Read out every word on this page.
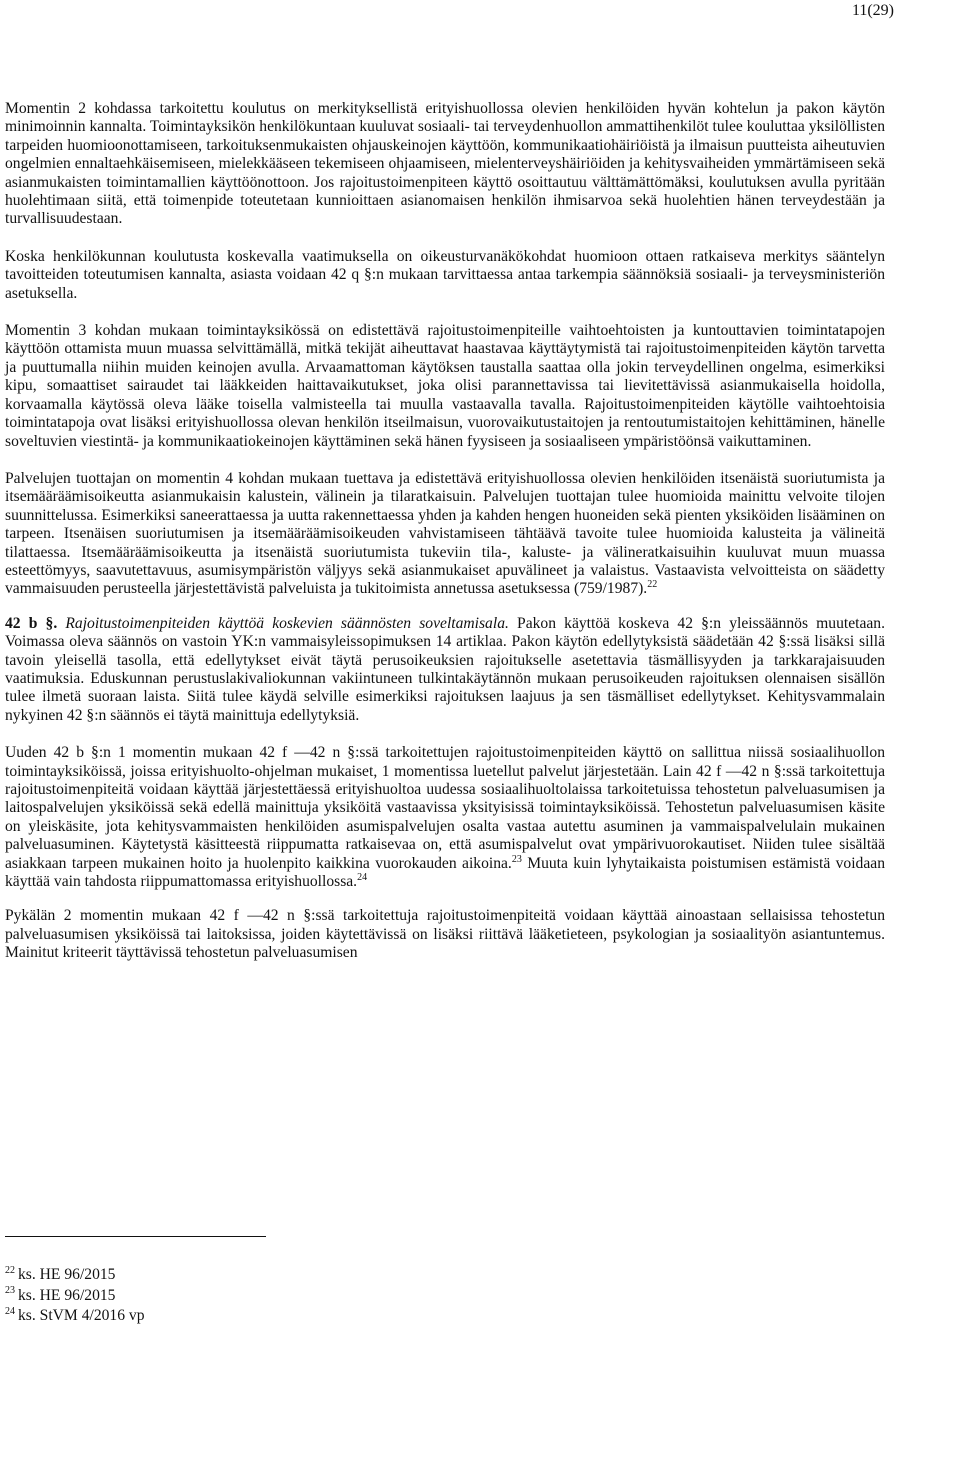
11(29)

Momentin 2 kohdassa tarkoitettu koulutus on merkityksellistä erityishuollossa olevien henkilöiden hyvän kohtelun ja pakon käytön minimoinnin kannalta. Toimintayksikön henkilökuntaan kuuluvat sosiaali- tai terveydenhuollon ammattihenkilöt tulee kouluttaa yksilöllisten tarpeiden huomioonottamiseen, tarkoituksenmukaisten ohjauskeinojen käyttöön, kommunikaatiohäiriöistä ja ilmaisun puutteista aiheutuvien ongelmien ennaltaehkäisemiseen, mielekkääseen tekemiseen ohjaamiseen, mielenterveyshäiriöiden ja kehitysvaiheiden ymmärtämiseen sekä asianmukaisten toimintamallien käyttöönottoon. Jos rajoitustoimenpiteen käyttö osoittautuu välttämättömäksi, koulutuksen avulla pyritään huolehtimaan siitä, että toimenpide toteutetaan kunnioittaen asianomaisen henkilön ihmisarvoa sekä huolehtien hänen terveydestään ja turvallisuudestaan.

Koska henkilökunnan koulutusta koskevalla vaatimuksella on oikeusturvanäkökohdat huomioon ottaen ratkaiseva merkitys sääntelyn tavoitteiden toteutumisen kannalta, asiasta voidaan 42 q §:n mukaan tarvittaessa antaa tarkempia säännöksiä sosiaali- ja terveysministeriön asetuksella.

Momentin 3 kohdan mukaan toimintayksikössä on edistettävä rajoitustoimenpiteille vaihtoehtoisten ja kuntouttavien toimintatapojen käyttöön ottamista muun muassa selvittämällä, mitkä tekijät aiheuttavat haastavaa käyttäytymistä tai rajoitustoimenpiteiden käytön tarvetta ja puuttumalla niihin muiden keinojen avulla. Arvaamattoman käytöksen taustalla saattaa olla jokin terveydellinen ongelma, esimerkiksi kipu, somaattiset sairaudet tai lääkkeiden haittavaikutukset, joka olisi parannettavissa tai lievitettävissä asianmukaisella hoidolla, korvaamalla käytössä oleva lääke toisella valmisteella tai muulla vastaavalla tavalla. Rajoitustoimenpiteiden käytölle vaihtoehtoisia toimintatapoja ovat lisäksi erityishuollossa olevan henkilön itseilmaisun, vuorovaikutustaitojen ja rentoutumistaitojen kehittäminen, hänelle soveltuvien viestintä- ja kommunikaatiokeinojen käyttäminen sekä hänen fyysiseen ja sosiaaliseen ympäristöönsä vaikuttaminen.

Palvelujen tuottajan on momentin 4 kohdan mukaan tuettava ja edistettävä erityishuollossa olevien henkilöiden itsenäistä suoriutumista ja itsemääräämisoikeutta asianmukaisin kalustein, välinein ja tilaratkaisuin. Palvelujen tuottajan tulee huomioida mainittu velvoite tilojen suunnittelussa. Esimerkiksi saneerattaessa ja uutta rakennettaessa yhden ja kahden hengen huoneiden sekä pienten yksiköiden lisääminen on tarpeen. Itsenäisen suoriutumisen ja itsemääräämisoikeuden vahvistamiseen tähtäävä tavoite tulee huomioida kalusteita ja välineitä tilattaessa. Itsemääräämisoikeutta ja itsenäistä suoriutumista tukeviin tila-, kaluste- ja välineratkaisuihin kuuluvat muun muassa esteettömyys, saavutettavuus, asumisympäristön väljyys sekä asianmukaiset apuvälineet ja valaistus. Vastaavista velvoitteista on säädetty vammaisuuden perusteella järjestettävistä palveluista ja tukitoimista annetussa asetuksessa (759/1987).$^{22}$

42 b §. Rajoitustoimenpiteiden käyttöä koskevien säännösten soveltamisala. Pakon käyttöä koskeva 42 §:n yleissäännös muutetaan. Voimassa oleva säännös on vastoin YK:n vammaisyleissopimuksen 14 artiklaa. Pakon käytön edellytyksistä säädetään 42 §:ssä lisäksi sillä tavoin yleisellä tasolla, että edellytykset eivät täytä perusoikeuksien rajoitukselle asetettavia täsmällisyyden ja tarkkarajaisuuden vaatimuksia. Eduskunnan perustuslakivaliokunnan vakiintuneen tulkintakäytännön mukaan perusoikeuden rajoituksen olennaisen sisällön tulee ilmetä suoraan laista. Siitä tulee käydä selville esimerkiksi rajoituksen laajuus ja sen täsmälliset edellytykset. Kehitysvammalain nykyinen 42 §:n säännös ei täytä mainittuja edellytyksiä.

Uuden 42 b §:n 1 momentin mukaan 42 f —42 n §:ssä tarkoitettujen rajoitustoimenpiteiden käyttö on sallittua niissä sosiaalihuollon toimintayksiköissä, joissa erityishuolto-ohjelman mukaiset, 1 momentissa luetellut palvelut järjestetään. Lain 42 f —42 n §:ssä tarkoitettuja rajoitustoimenpiteitä voidaan käyttää järjestettäessä erityishuoltoa uudessa sosiaalihuoltolaissa tarkoitetuissa tehostetun palveluasumisen ja laitospalvelujen yksiköissä sekä edellä mainittuja yksiköitä vastaavissa yksityisissä toimintayksiköissä. Tehostetun palveluasumisen käsite on yleiskäsite, jota kehitysvammaisten henkilöiden asumispalvelujen osalta vastaa autettu asuminen ja vammaispalvelulain mukainen palveluasuminen. Käytetystä käsitteestä riippumatta ratkaisevaa on, että asumispalvelut ovat ympärivuorokautiset. Niiden tulee sisältää asiakkaan tarpeen mukainen hoito ja huolenpito kaikkina vuorokauden aikoina.$^{23}$ Muuta kuin lyhytaikaista poistumisen estämistä voidaan käyttää vain tahdosta riippumattomassa erityishuollossa.$^{24}$

Pykälän 2 momentin mukaan 42 f —42 n §:ssä tarkoitettuja rajoitustoimenpiteitä voidaan käyttää ainoastaan sellaisissa tehostetun palveluasumisen yksiköissä tai laitoksissa, joiden käytettävissä on lisäksi riittävä lääketieteen, psykologian ja sosiaalityön asiantuntemus. Mainitut kriteerit täyttävissä tehostetun palveluasumisen

$^{22}$ ks. HE 96/2015

$^{23}$ ks. HE 96/2015

$^{24}$ ks. StVM 4/2016 vp
